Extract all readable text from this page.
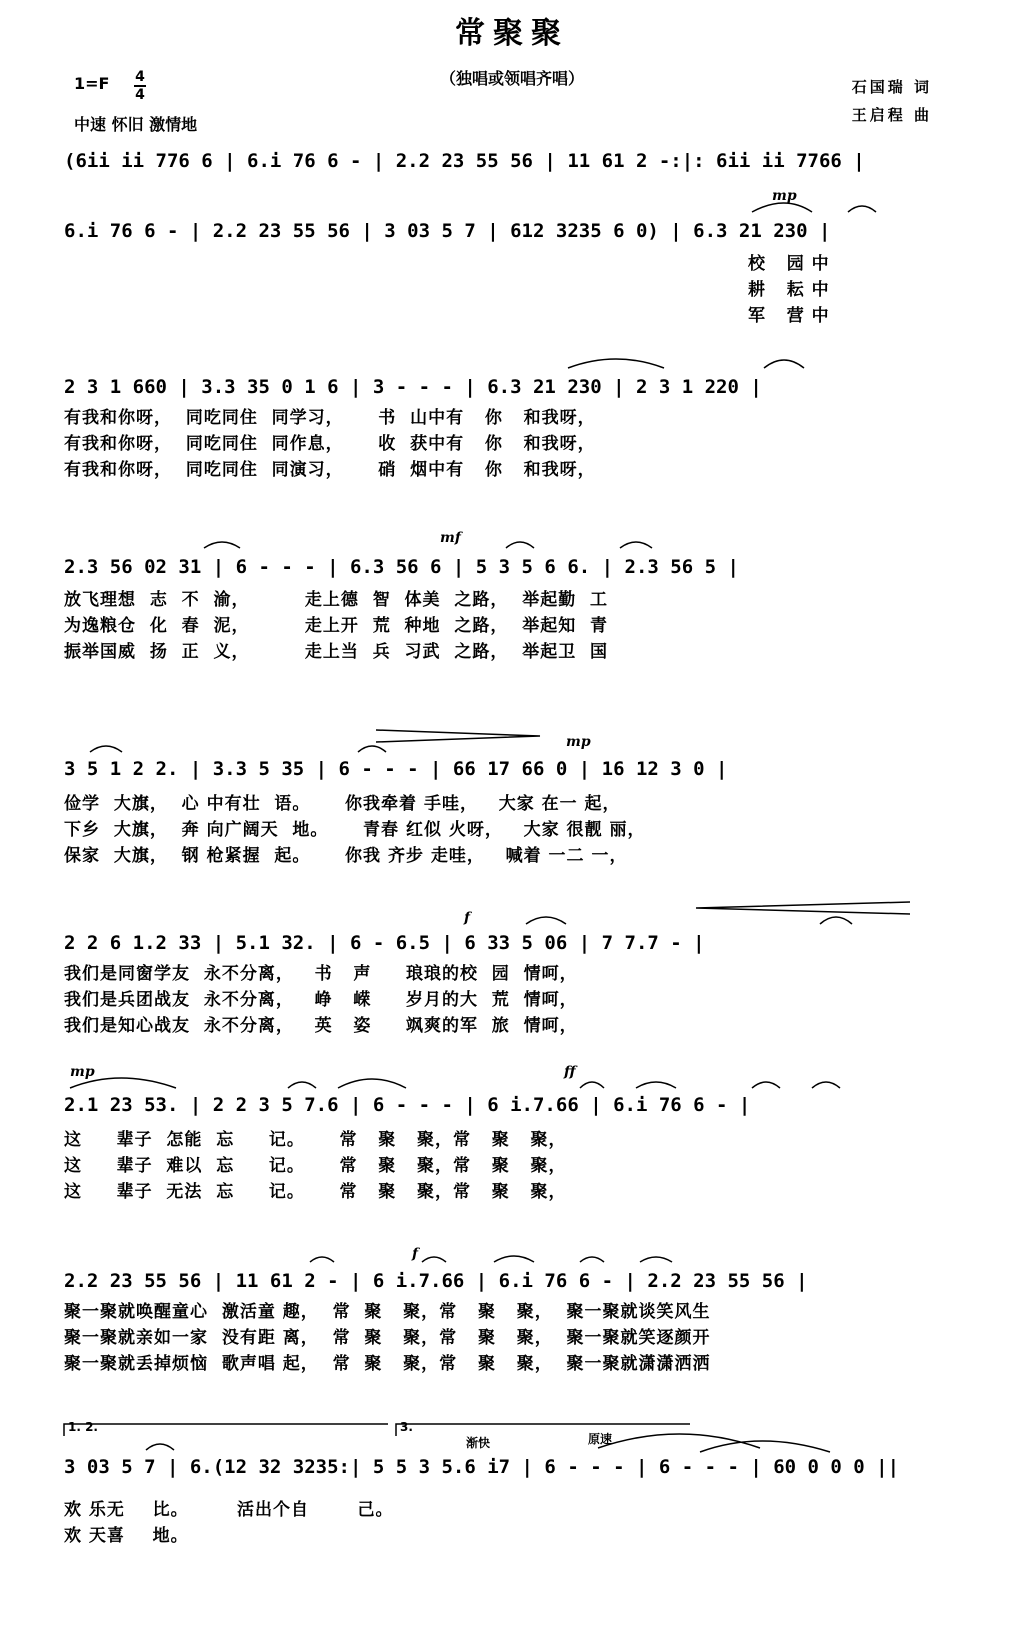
常聚聚
（独唱或领唱齐唱）
1=F 4
4
中速 怀旧 激情地
石国瑞 词
王启程 曲
(6ii ii 776 6 | 6.i 76 6 - | 2.2 23 55 56 | 11 61 2 -:|: 6ii ii 7766 |
6.i 76 6 - | 2.2 23 55 56 | 3 03 5 7 | 612 3235 6 0) | 6.3 21 230 |
校   园 中
耕   耘 中
军   营 中
2 3 1 660 | 3.3 35 0 1 6 | 3 - - - | 6.3 21 230 | 2 3 1 220 |
有我和你呀，  同吃同住  同学习，     书  山中有   你   和我呀，
有我和你呀，  同吃同住  同作息，     收  获中有   你   和我呀，
有我和你呀，  同吃同住  同演习，     硝  烟中有   你   和我呀，
2.3 56 02 31 | 6 - - - | 6.3 56 6 | 5 3 5 6 6. | 2.3 56 5 |
放飞理想  志  不  渝，        走上德  智  体美  之路，  举起勤  工
为逸粮仓  化  春  泥，        走上开  荒  种地  之路，  举起知  青
振举国威  扬  正  义，        走上当  兵  习武  之路，  举起卫  国
3 5 1 2 2. | 3.3 5 35 | 6 - - - | 66 17 66 0 | 16 12 3 0 |
俭学  大旗，  心 中有壮  语。     你我牵着 手哇，   大家 在一 起，
下乡  大旗，  奔 向广阔天  地。     青春 红似 火呀，   大家 很靓 丽，
保家  大旗，  钢 枪紧握  起。     你我 齐步 走哇，   喊着 一二 一，
2 2 6 1.2 33 | 5.1 32. | 6 - 6.5 | 6 33 5 06 | 7 7.7 - |
我们是同窗学友  永不分离，   书   声     琅琅的校  园  情呵，
我们是兵团战友  永不分离，   峥   嵘     岁月的大  荒  情呵，
我们是知心战友  永不分离，   英   姿     飒爽的军  旅  情呵，
2.1 23 53. | 2 2 3 5 7.6 | 6 - - - | 6 i.7.66 | 6.i 76 6 - |
这     辈子  怎能  忘     记。     常   聚   聚，常   聚   聚，
这     辈子  难以  忘     记。     常   聚   聚，常   聚   聚，
这     辈子  无法  忘     记。     常   聚   聚，常   聚   聚，
2.2 23 55 56 | 11 61 2 - | 6 i.7.66 | 6.i 76 6 - | 2.2 23 55 56 |
聚一聚就唤醒童心  激活童 趣，  常  聚   聚，常   聚   聚，  聚一聚就谈笑风生
聚一聚就亲如一家  没有距 离，  常  聚   聚，常   聚   聚，  聚一聚就笑逐颜开
聚一聚就丢掉烦恼  歌声唱 起，  常  聚   聚，常   聚   聚，  聚一聚就潇潇洒洒
1. 2.	3.
渐快	原速
3 03 5 7 | 6.(12 32 3235:| 5 5 3 5.6 i7 | 6 - - - | 6 - - - | 60 0 0 0 ||
欢 乐无    比。       活出个自       己。
欢 天喜    地。
mp
mf
mp
f
mp	ff
f
